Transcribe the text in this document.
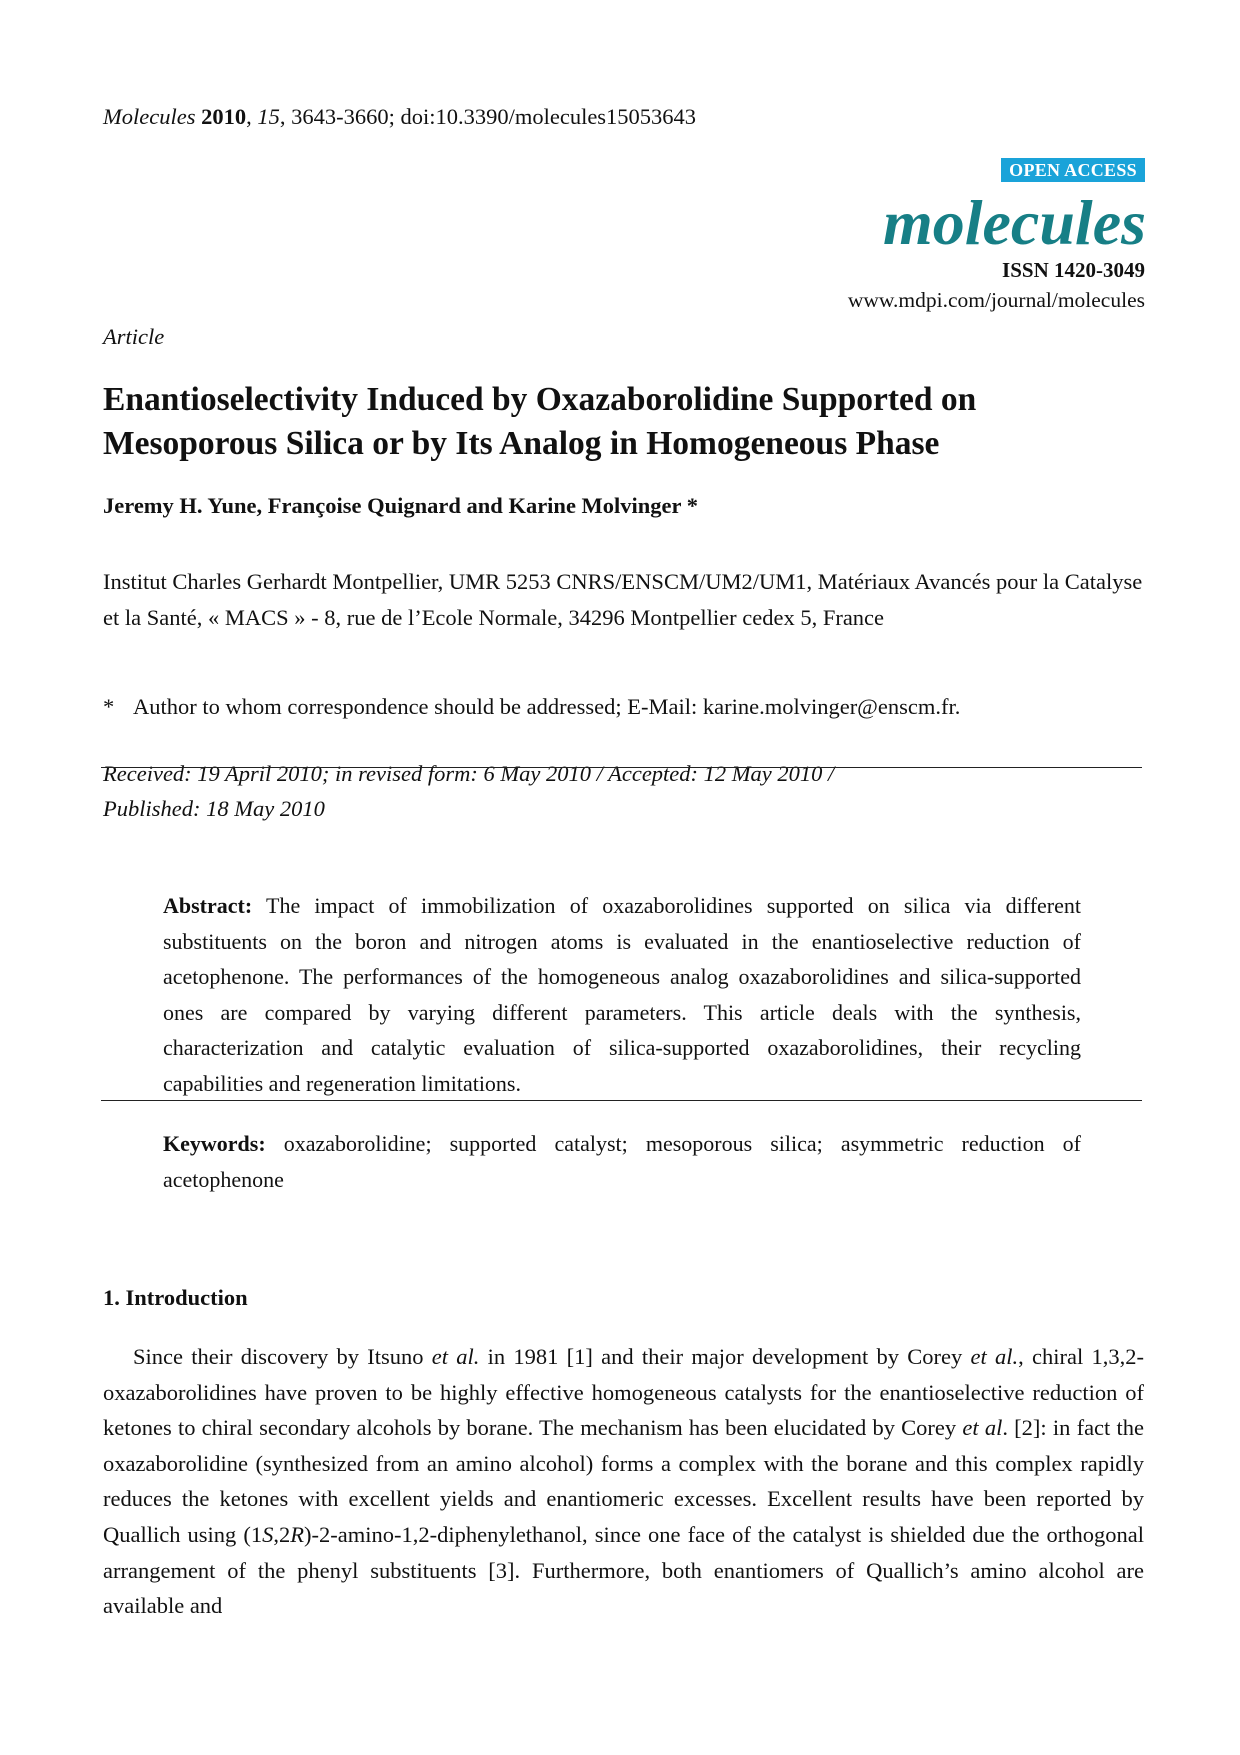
Molecules 2010, 15, 3643-3660; doi:10.3390/molecules15053643
OPEN ACCESS
molecules
ISSN 1420-3049
www.mdpi.com/journal/molecules
Article
Enantioselectivity Induced by Oxazaborolidine Supported on Mesoporous Silica or by Its Analog in Homogeneous Phase
Jeremy H. Yune, Françoise Quignard and Karine Molvinger *
Institut Charles Gerhardt Montpellier, UMR 5253 CNRS/ENSCM/UM2/UM1, Matériaux Avancés pour la Catalyse et la Santé, « MACS » - 8, rue de l’Ecole Normale, 34296 Montpellier cedex 5, France
* Author to whom correspondence should be addressed; E-Mail: karine.molvinger@enscm.fr.
Received: 19 April 2010; in revised form: 6 May 2010 / Accepted: 12 May 2010 /
Published: 18 May 2010
Abstract: The impact of immobilization of oxazaborolidines supported on silica via different substituents on the boron and nitrogen atoms is evaluated in the enantioselective reduction of acetophenone. The performances of the homogeneous analog oxazaborolidines and silica-supported ones are compared by varying different parameters. This article deals with the synthesis, characterization and catalytic evaluation of silica-supported oxazaborolidines, their recycling capabilities and regeneration limitations.
Keywords: oxazaborolidine; supported catalyst; mesoporous silica; asymmetric reduction of acetophenone
1. Introduction
Since their discovery by Itsuno et al. in 1981 [1] and their major development by Corey et al., chiral 1,3,2-oxazaborolidines have proven to be highly effective homogeneous catalysts for the enantioselective reduction of ketones to chiral secondary alcohols by borane. The mechanism has been elucidated by Corey et al. [2]: in fact the oxazaborolidine (synthesized from an amino alcohol) forms a complex with the borane and this complex rapidly reduces the ketones with excellent yields and enantiomeric excesses. Excellent results have been reported by Quallich using (1S,2R)-2-amino-1,2-diphenylethanol, since one face of the catalyst is shielded due the orthogonal arrangement of the phenyl substituents [3]. Furthermore, both enantiomers of Quallich’s amino alcohol are available and
